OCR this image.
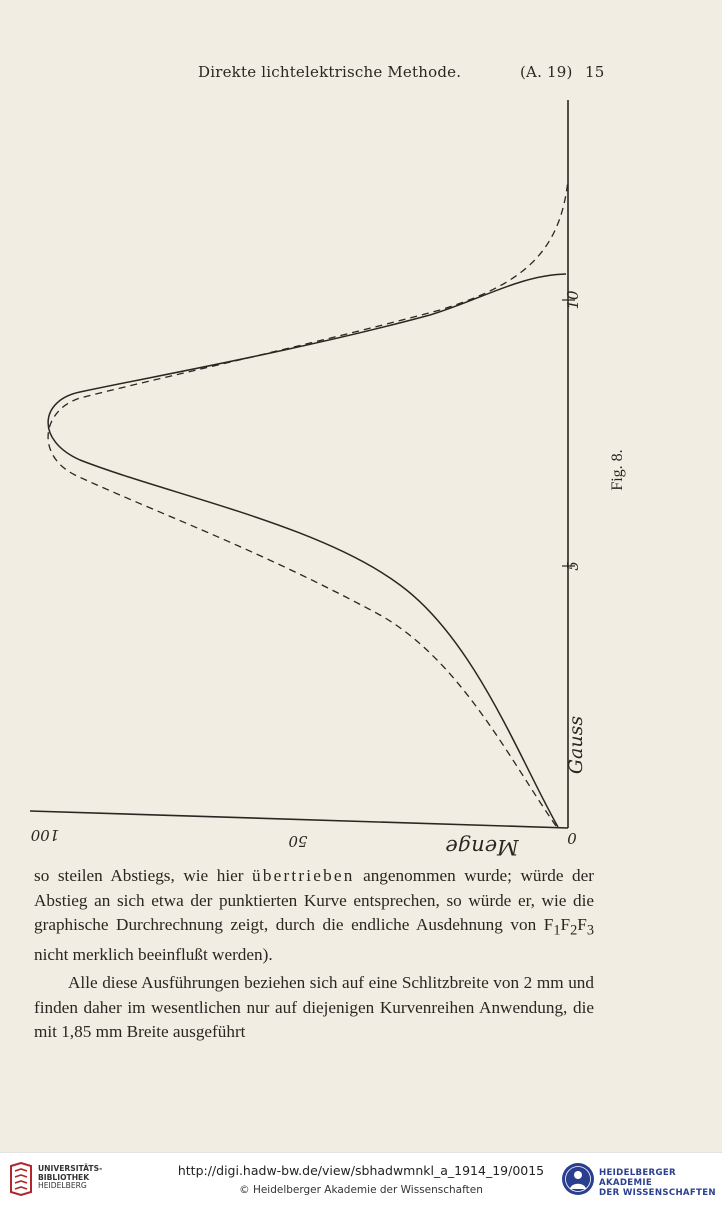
Direkte lichtelektrische Methode.	(A. 19) 15
10
5
Gauss
100	50	0
Menge
Fig. 8.

so steilen Abstiegs, wie hier übertrieben angenommen wurde; würde der Abstieg an sich etwa der punktierten Kurve entsprechen, so würde er, wie die graphische Durchrechnung zeigt, durch die endliche Ausdehnung von $F_1F_2F_3$ nicht merklich beeinflußt werden).

Alle diese Ausführungen beziehen sich auf eine Schlitzbreite von 2 mm und finden daher im wesentlichen nur auf diejenigen Kurvenreihen Anwendung, die mit 1,85 mm Breite ausgeführt

UNIVERSITÄTS-
BIBLIOTHEK
HEIDELBERG
http://digi.hadw-bw.de/view/sbhadwmnkl_a_1914_19/0015
© Heidelberger Akademie der Wissenschaften
HEIDELBERGER AKADEMIE
DER WISSENSCHAFTEN
